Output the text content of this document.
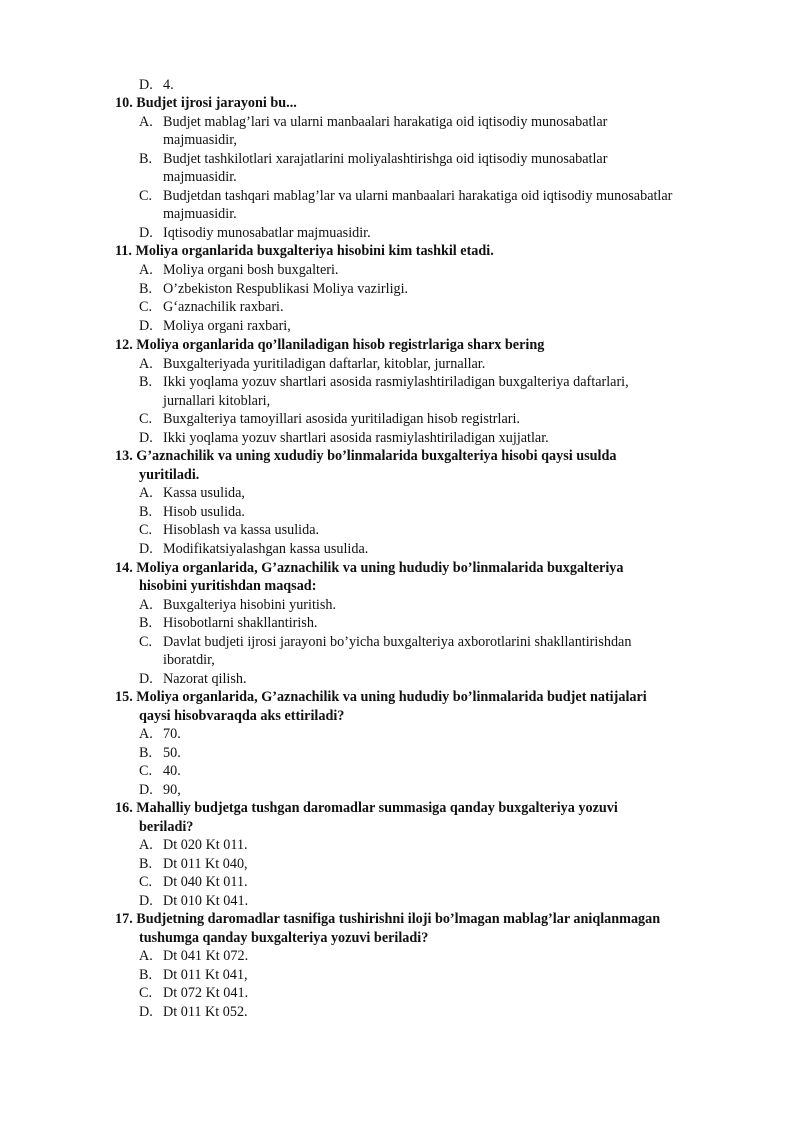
D. 4.
10. Budjet ijrosi jarayoni bu...
A. Budjet mablag’lari va ularni manbaalari harakatiga oid iqtisodiy munosabatlar
majmuasidir,
B. Budjet tashkilotlari xarajatlarini moliyalashtirishga oid iqtisodiy munosabatlar
majmuasidir.
C. Budjetdan tashqari mablag’lar va ularni manbaalari harakatiga oid iqtisodiy munosabatlar
majmuasidir.
D. Iqtisodiy munosabatlar majmuasidir.
11. Moliya organlarida buxgalteriya hisobini kim tashkil etadi.
A. Moliya organi bosh buxgalteri.
B. O’zbekiston Respublikasi Moliya vazirligi.
C. G‘aznachilik raxbari.
D. Moliya organi raxbari,
12. Moliya organlarida qo’llaniladigan hisob registrlariga sharx bering
A. Buxgalteriyada yuritiladigan daftarlar, kitoblar, jurnallar.
B. Ikki yoqlama yozuv shartlari asosida rasmiylashtiriladigan buxgalteriya daftarlari,
jurnallari kitoblari,
C. Buxgalteriya tamoyillari asosida yuritiladigan hisob registrlari.
D. Ikki yoqlama yozuv shartlari asosida rasmiylashtiriladigan xujjatlar.
13. G’aznachilik va uning xududiy bo’linmalarida buxgalteriya hisobi qaysi usulda
yuritiladi.
A. Kassa usulida,
B. Hisob usulida.
C. Hisoblash va kassa usulida.
D. Modifikatsiyalashgan kassa usulida.
14. Moliya organlarida, G’aznachilik va uning hududiy bo’linmalarida buxgalteriya
hisobini yuritishdan maqsad:
A. Buxgalteriya hisobini yuritish.
B. Hisobotlarni shakllantirish.
C. Davlat budjeti ijrosi jarayoni bo’yicha buxgalteriya axborotlarini shakllantirishdan
iboratdir,
D. Nazorat qilish.
15. Moliya organlarida, G’aznachilik va uning hududiy bo’linmalarida budjet natijalari
qaysi hisobvaraqda aks ettiriladi?
A. 70.
B. 50.
C. 40.
D. 90,
16. Mahalliy budjetga tushgan daromadlar summasiga qanday buxgalteriya yozuvi
beriladi?
A. Dt 020 Kt 011.
B. Dt 011 Kt 040,
C. Dt 040 Kt 011.
D. Dt 010 Kt 041.
17. Budjetning daromadlar tasnifiga tushirishni iloji bo’lmagan mablag’lar aniqlanmagan
tushumga qanday buxgalteriya yozuvi beriladi?
A. Dt 041 Kt 072.
B. Dt 011 Kt 041,
C. Dt 072 Kt 041.
D. Dt 011 Kt 052.
